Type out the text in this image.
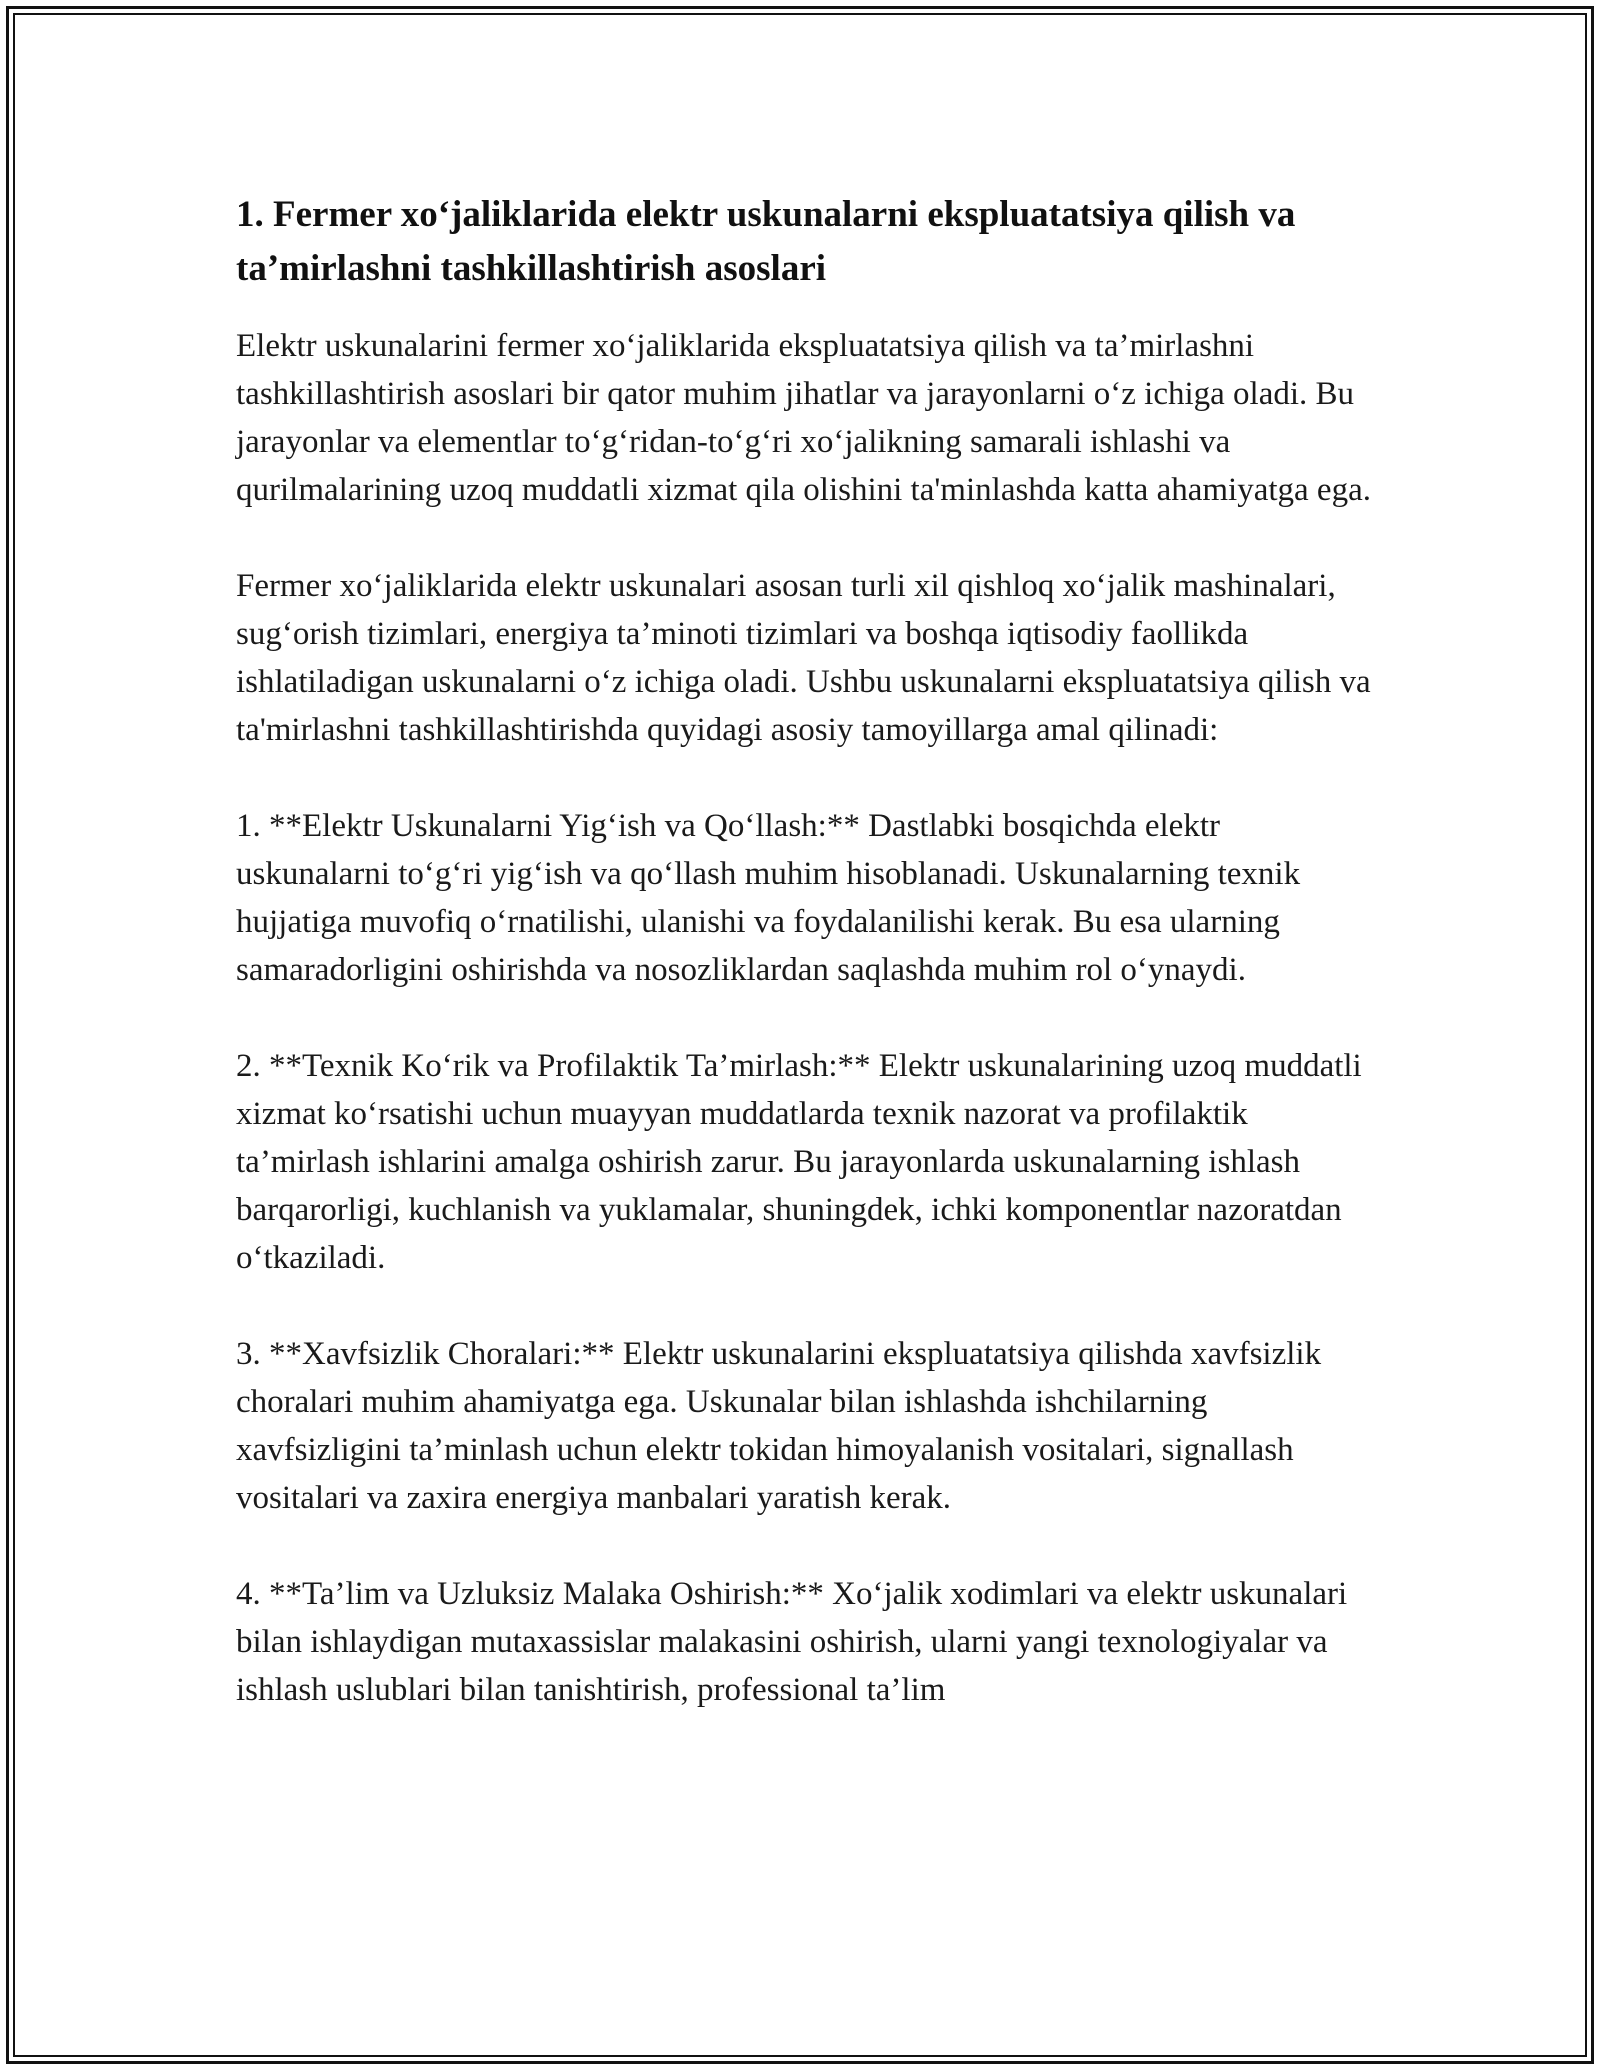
1. Fermer xo‘jaliklarida elektr uskunalarni ekspluatatsiya qilish va ta’mirlashni tashkillashtirish asoslari

Elektr uskunalarini fermer xo‘jaliklarida ekspluatatsiya qilish va ta’mirlashni tashkillashtirish asoslari bir qator muhim jihatlar va jarayonlarni o‘z ichiga oladi. Bu jarayonlar va elementlar to‘g‘ridan-to‘g‘ri xo‘jalikning samarali ishlashi va qurilmalarining uzoq muddatli xizmat qila olishini ta'minlashda katta ahamiyatga ega.

Fermer xo‘jaliklarida elektr uskunalari asosan turli xil qishloq xo‘jalik mashinalari, sug‘orish tizimlari, energiya ta’minoti tizimlari va boshqa iqtisodiy faollikda ishlatiladigan uskunalarni o‘z ichiga oladi. Ushbu uskunalarni ekspluatatsiya qilish va ta'mirlashni tashkillashtirishda quyidagi asosiy tamoyillarga amal qilinadi:

1. **Elektr Uskunalarni Yig‘ish va Qo‘llash:** Dastlabki bosqichda elektr uskunalarni to‘g‘ri yig‘ish va qo‘llash muhim hisoblanadi. Uskunalarning texnik hujjatiga muvofiq o‘rnatilishi, ulanishi va foydalanilishi kerak. Bu esa ularning samaradorligini oshirishda va nosozliklardan saqlashda muhim rol o‘ynaydi.

2. **Texnik Ko‘rik va Profilaktik Ta’mirlash:** Elektr uskunalarining uzoq muddatli xizmat ko‘rsatishi uchun muayyan muddatlarda texnik nazorat va profilaktik ta’mirlash ishlarini amalga oshirish zarur. Bu jarayonlarda uskunalarning ishlash barqarorligi, kuchlanish va yuklamalar, shuningdek, ichki komponentlar nazoratdan o‘tkaziladi.

3. **Xavfsizlik Choralari:** Elektr uskunalarini ekspluatatsiya qilishda xavfsizlik choralari muhim ahamiyatga ega. Uskunalar bilan ishlashda ishchilarning xavfsizligini ta’minlash uchun elektr tokidan himoyalanish vositalari, signallash vositalari va zaxira energiya manbalari yaratish kerak.

4. **Ta’lim va Uzluksiz Malaka Oshirish:** Xo‘jalik xodimlari va elektr uskunalari bilan ishlaydigan mutaxassislar malakasini oshirish, ularni yangi texnologiyalar va ishlash uslublari bilan tanishtirish, professional ta’lim
